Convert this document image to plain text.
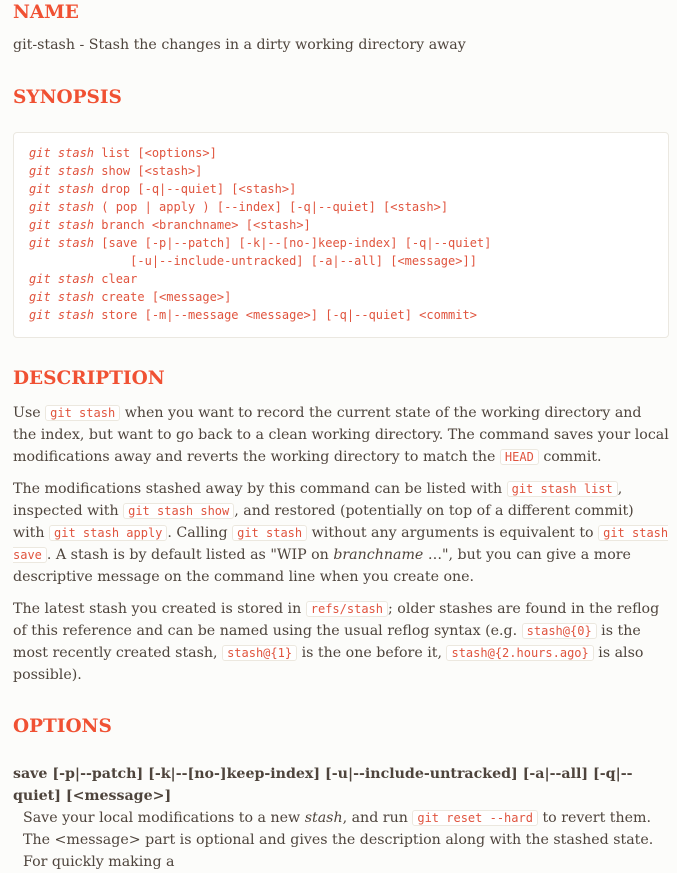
NAME

git-stash - Stash the changes in a dirty working directory away

SYNOPSIS
git stash list [<options>]
git stash show [<stash>]
git stash drop [-q|--quiet] [<stash>]
git stash ( pop | apply ) [--index] [-q|--quiet] [<stash>]
git stash branch <branchname> [<stash>]
git stash [save [-p|--patch] [-k|--[no-]keep-index] [-q|--quiet]
[-u|--include-untracked] [-a|--all] [<message>]]
git stash clear
git stash create [<message>]
git stash store [-m|--message <message>] [-q|--quiet] <commit>
DESCRIPTION

Use git stash when you want to record the current state of the working directory and the index, but want to go back to a clean working directory. The command saves your local modifications away and reverts the working directory to match the HEAD commit.

The modifications stashed away by this command can be listed with git stash list , inspected with git stash show , and restored (potentially on top of a different commit) with git stash apply . Calling git stash without any arguments is equivalent to git stash save . A stash is by default listed as "WIP on branchname …", but you can give a more descriptive message on the command line when you create one.

The latest stash you created is stored in refs/stash ; older stashes are found in the reflog of this reference and can be named using the usual reflog syntax (e.g. stash@{0} is the most recently created stash, stash@{1} is the one before it, stash@{2.hours.ago} is also possible).

OPTIONS

save [-p|--patch] [-k|--[no-]keep-index] [-u|--include-untracked] [-a|--all] [-q|--quiet] [<message>]

Save your local modifications to a new stash, and run git reset --hard to revert them. The <message> part is optional and gives the description along with the stashed state. For quickly making a
